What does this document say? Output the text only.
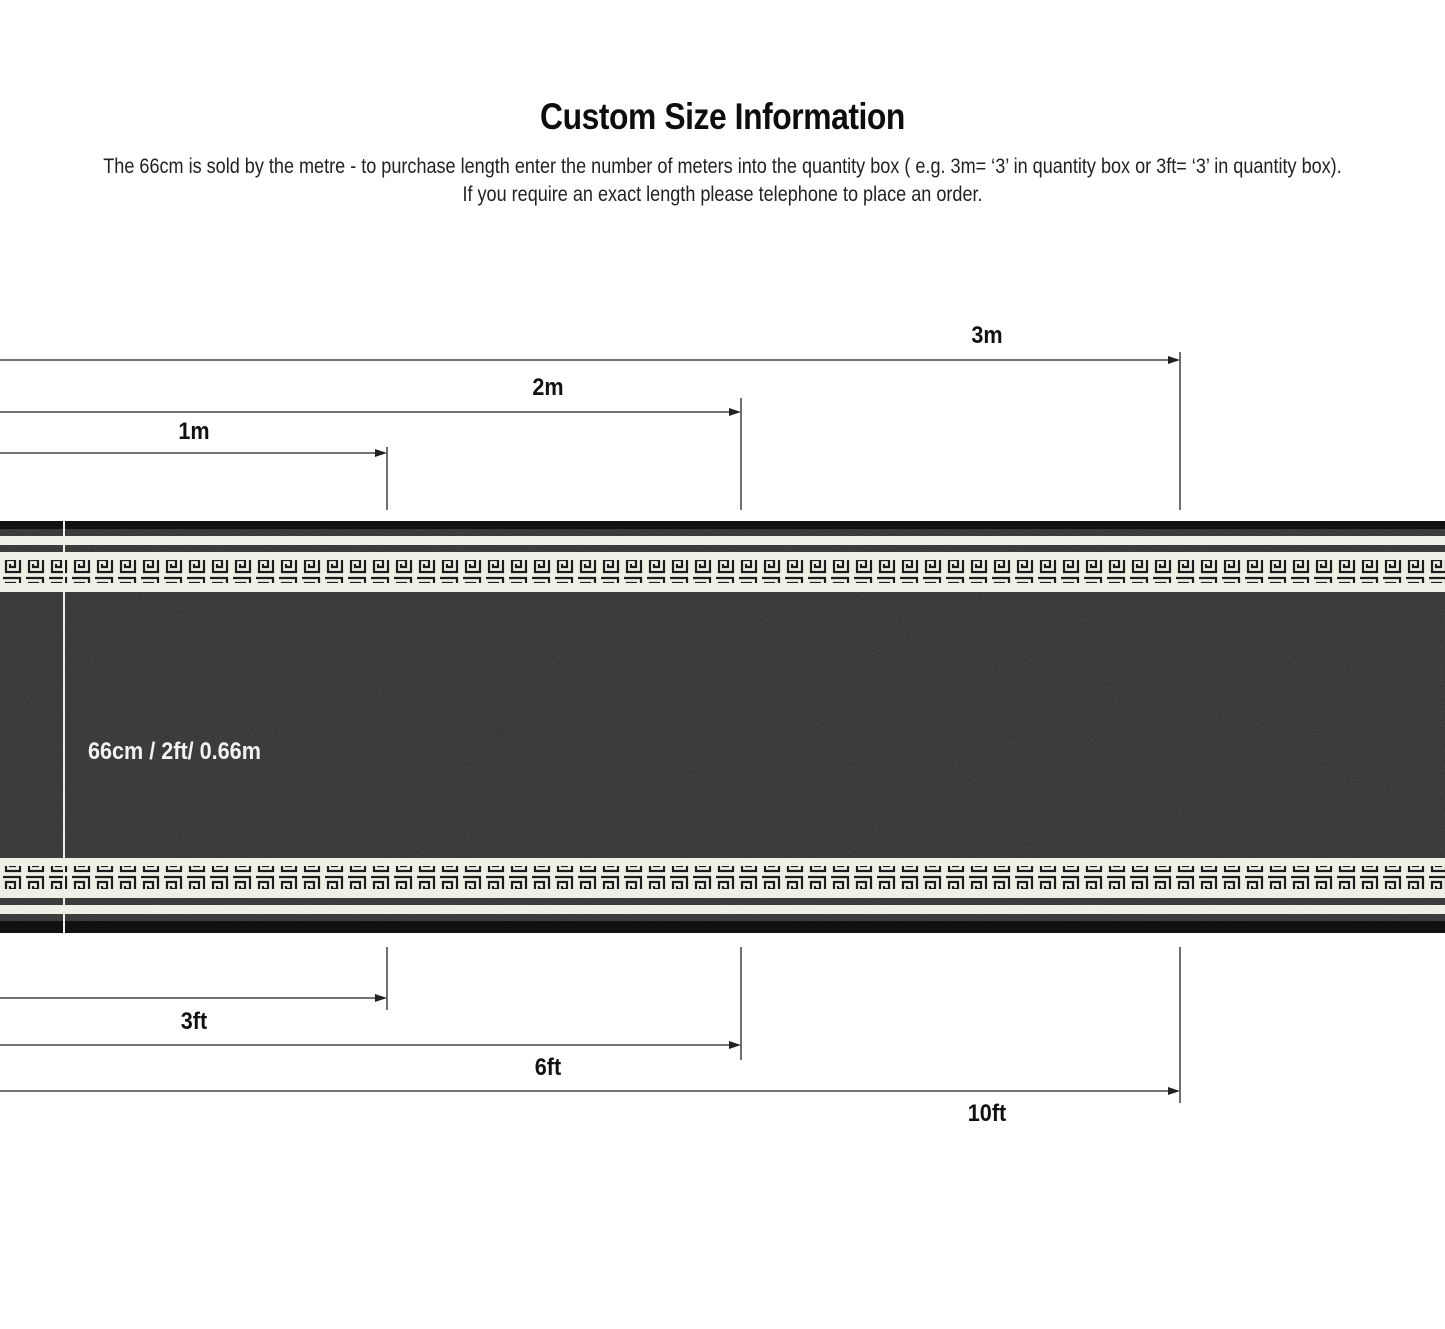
Custom Size Information
The 66cm is sold by the metre - to purchase length enter the number of meters into the quantity box ( e.g. 3m= ‘3’ in quantity box or 3ft= ‘3’ in quantity box).
If you require an exact length please telephone to place an order.
1m
2m
3m
3ft
6ft
10ft
66cm / 2ft/ 0.66m
